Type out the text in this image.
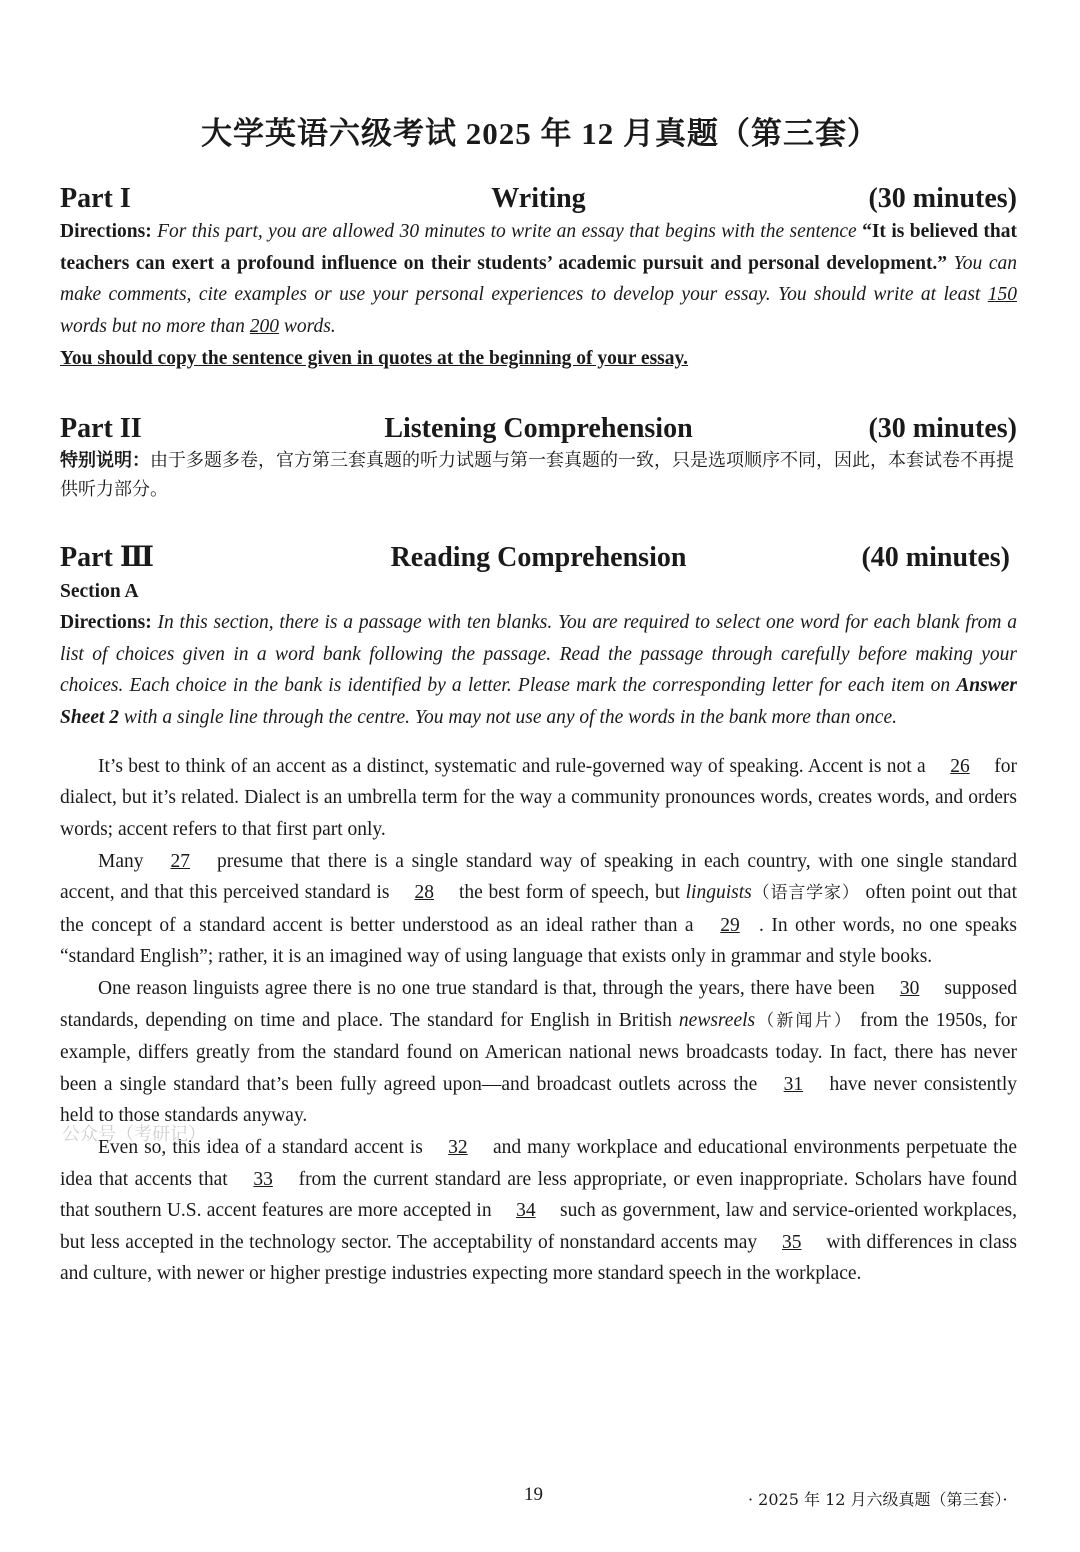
大学英语六级考试 2025 年 12 月真题（第三套）
Part I	Writing	(30 minutes)
Directions: For this part, you are allowed 30 minutes to write an essay that begins with the sentence “It is believed that teachers can exert a profound influence on their students’ academic pursuit and personal development.” You can make comments, cite examples or use your personal experiences to develop your essay. You should write at least 150 words but no more than 200 words.
You should copy the sentence given in quotes at the beginning of your essay.
Part II	Listening Comprehension	(30 minutes)
特别说明：由于多题多卷，官方第三套真题的听力试题与第一套真题的一致，只是选项顺序不同，因此，本套试卷不再提供听力部分。
Part Ⅲ	Reading Comprehension	(40 minutes)
Section A
Directions: In this section, there is a passage with ten blanks. You are required to select one word for each blank from a list of choices given in a word bank following the passage. Read the passage through carefully before making your choices. Each choice in the bank is identified by a letter. Please mark the corresponding letter for each item on Answer Sheet 2 with a single line through the centre. You may not use any of the words in the bank more than once.

It’s best to think of an accent as a distinct, systematic and rule-governed way of speaking. Accent is not a 26 for dialect, but it’s related. Dialect is an umbrella term for the way a community pronounces words, creates words, and orders words; accent refers to that first part only.

Many 27 presume that there is a single standard way of speaking in each country, with one single standard accent, and that this perceived standard is 28 the best form of speech, but linguists（语言学家） often point out that the concept of a standard accent is better understood as an ideal rather than a 29 . In other words, no one speaks “standard English”; rather, it is an imagined way of using language that exists only in grammar and style books.

One reason linguists agree there is no one true standard is that, through the years, there have been 30 supposed standards, depending on time and place. The standard for English in British newsreels（新闻片） from the 1950s, for example, differs greatly from the standard found on American national news broadcasts today. In fact, there has never been a single standard that’s been fully agreed upon—and broadcast outlets across the 31 have never consistently held to those standards anyway.

Even so, this idea of a standard accent is 32 and many workplace and educational environments perpetuate the idea that accents that 33 from the current standard are less appropriate, or even inappropriate. Scholars have found that southern U.S. accent features are more accepted in 34 such as government, law and service-oriented workplaces, but less accepted in the technology sector. The acceptability of nonstandard accents may 35 with differences in class and culture, with newer or higher prestige industries expecting more standard speech in the workplace.

公众号（考研记）
19	· 2025 年 12 月六级真题（第三套）·
